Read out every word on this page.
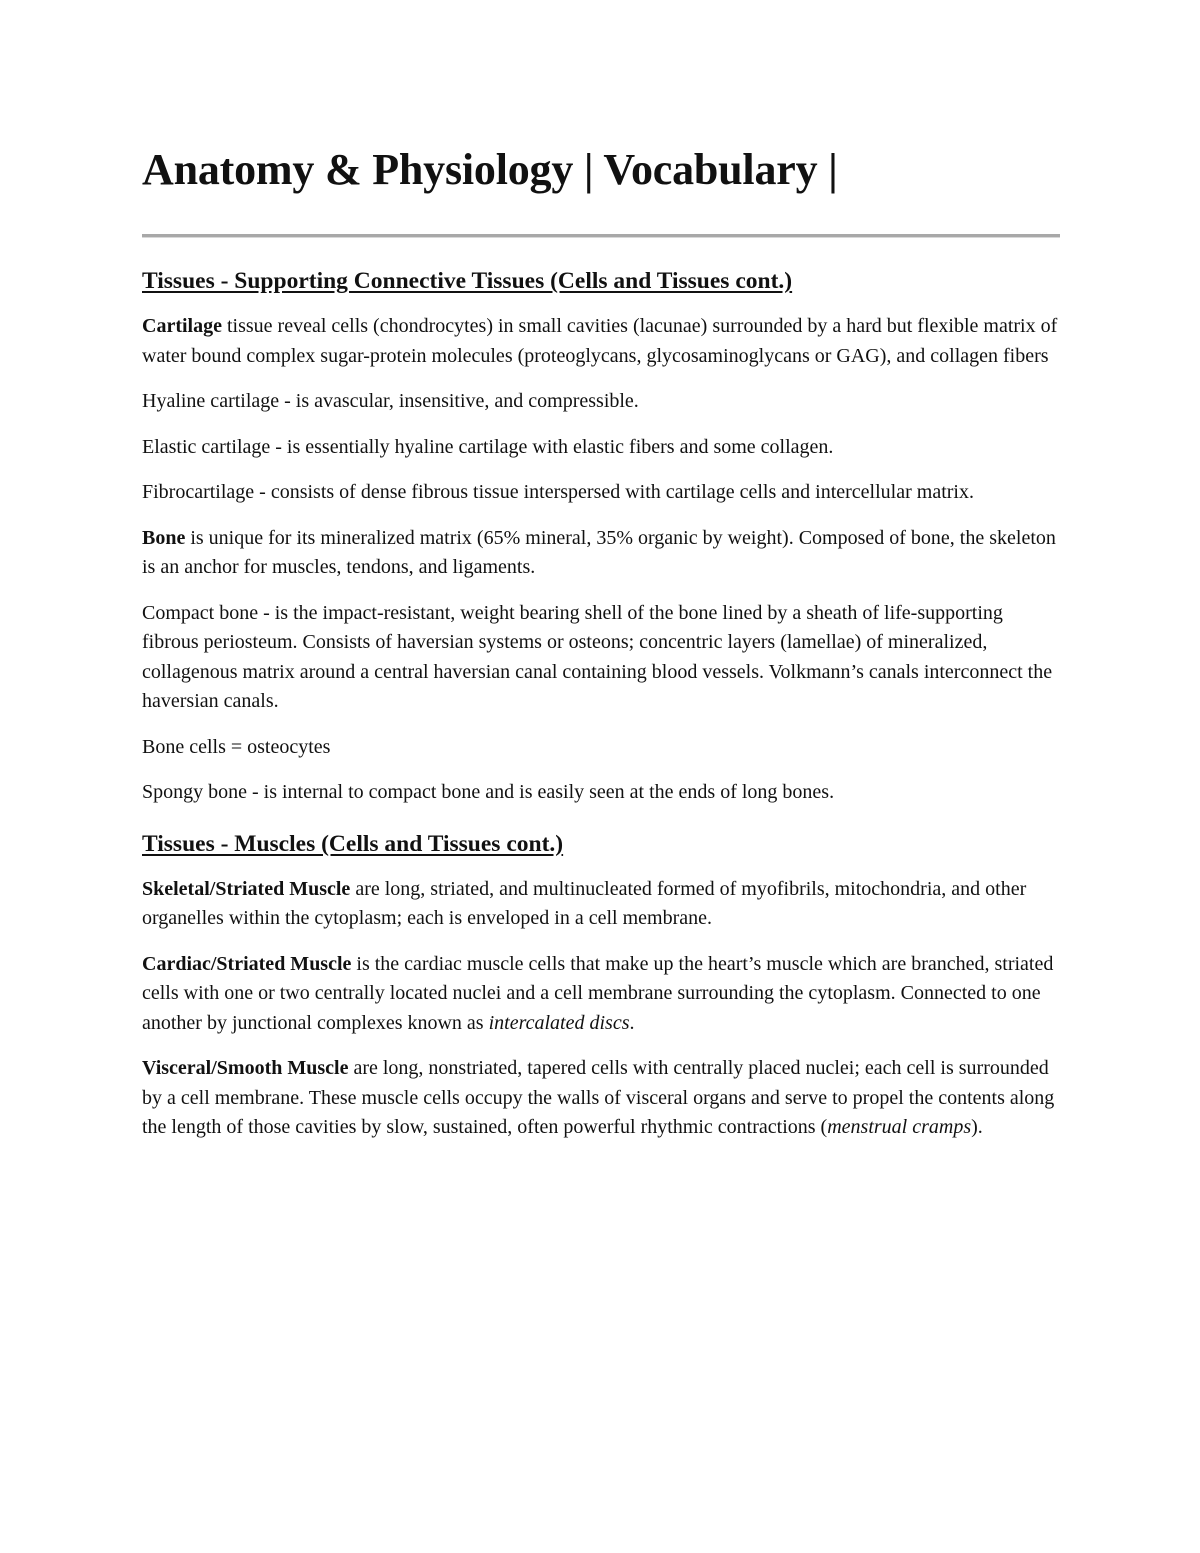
Anatomy & Physiology | Vocabulary |
Tissues - Supporting Connective Tissues (Cells and Tissues cont.)

Cartilage tissue reveal cells (chondrocytes) in small cavities (lacunae) surrounded by a hard but flexible matrix of water bound complex sugar-protein molecules (proteoglycans, glycosaminoglycans or GAG), and collagen fibers

Hyaline cartilage - is avascular, insensitive, and compressible.

Elastic cartilage - is essentially hyaline cartilage with elastic fibers and some collagen.

Fibrocartilage - consists of dense fibrous tissue interspersed with cartilage cells and intercellular matrix.

Bone is unique for its mineralized matrix (65% mineral, 35% organic by weight). Composed of bone, the skeleton is an anchor for muscles, tendons, and ligaments.

Compact bone - is the impact-resistant, weight bearing shell of the bone lined by a sheath of life-supporting fibrous periosteum. Consists of haversian systems or osteons; concentric layers (lamellae) of mineralized, collagenous matrix around a central haversian canal containing blood vessels. Volkmann’s canals interconnect the haversian canals.

Bone cells = osteocytes

Spongy bone - is internal to compact bone and is easily seen at the ends of long bones.

Tissues - Muscles (Cells and Tissues cont.)

Skeletal/Striated Muscle are long, striated, and multinucleated formed of myofibrils, mitochondria, and other organelles within the cytoplasm; each is enveloped in a cell membrane.

Cardiac/Striated Muscle is the cardiac muscle cells that make up the heart’s muscle which are branched, striated cells with one or two centrally located nuclei and a cell membrane surrounding the cytoplasm. Connected to one another by junctional complexes known as intercalated discs.

Visceral/Smooth Muscle are long, nonstriated, tapered cells with centrally placed nuclei; each cell is surrounded by a cell membrane. These muscle cells occupy the walls of visceral organs and serve to propel the contents along the length of those cavities by slow, sustained, often powerful rhythmic contractions (menstrual cramps).
